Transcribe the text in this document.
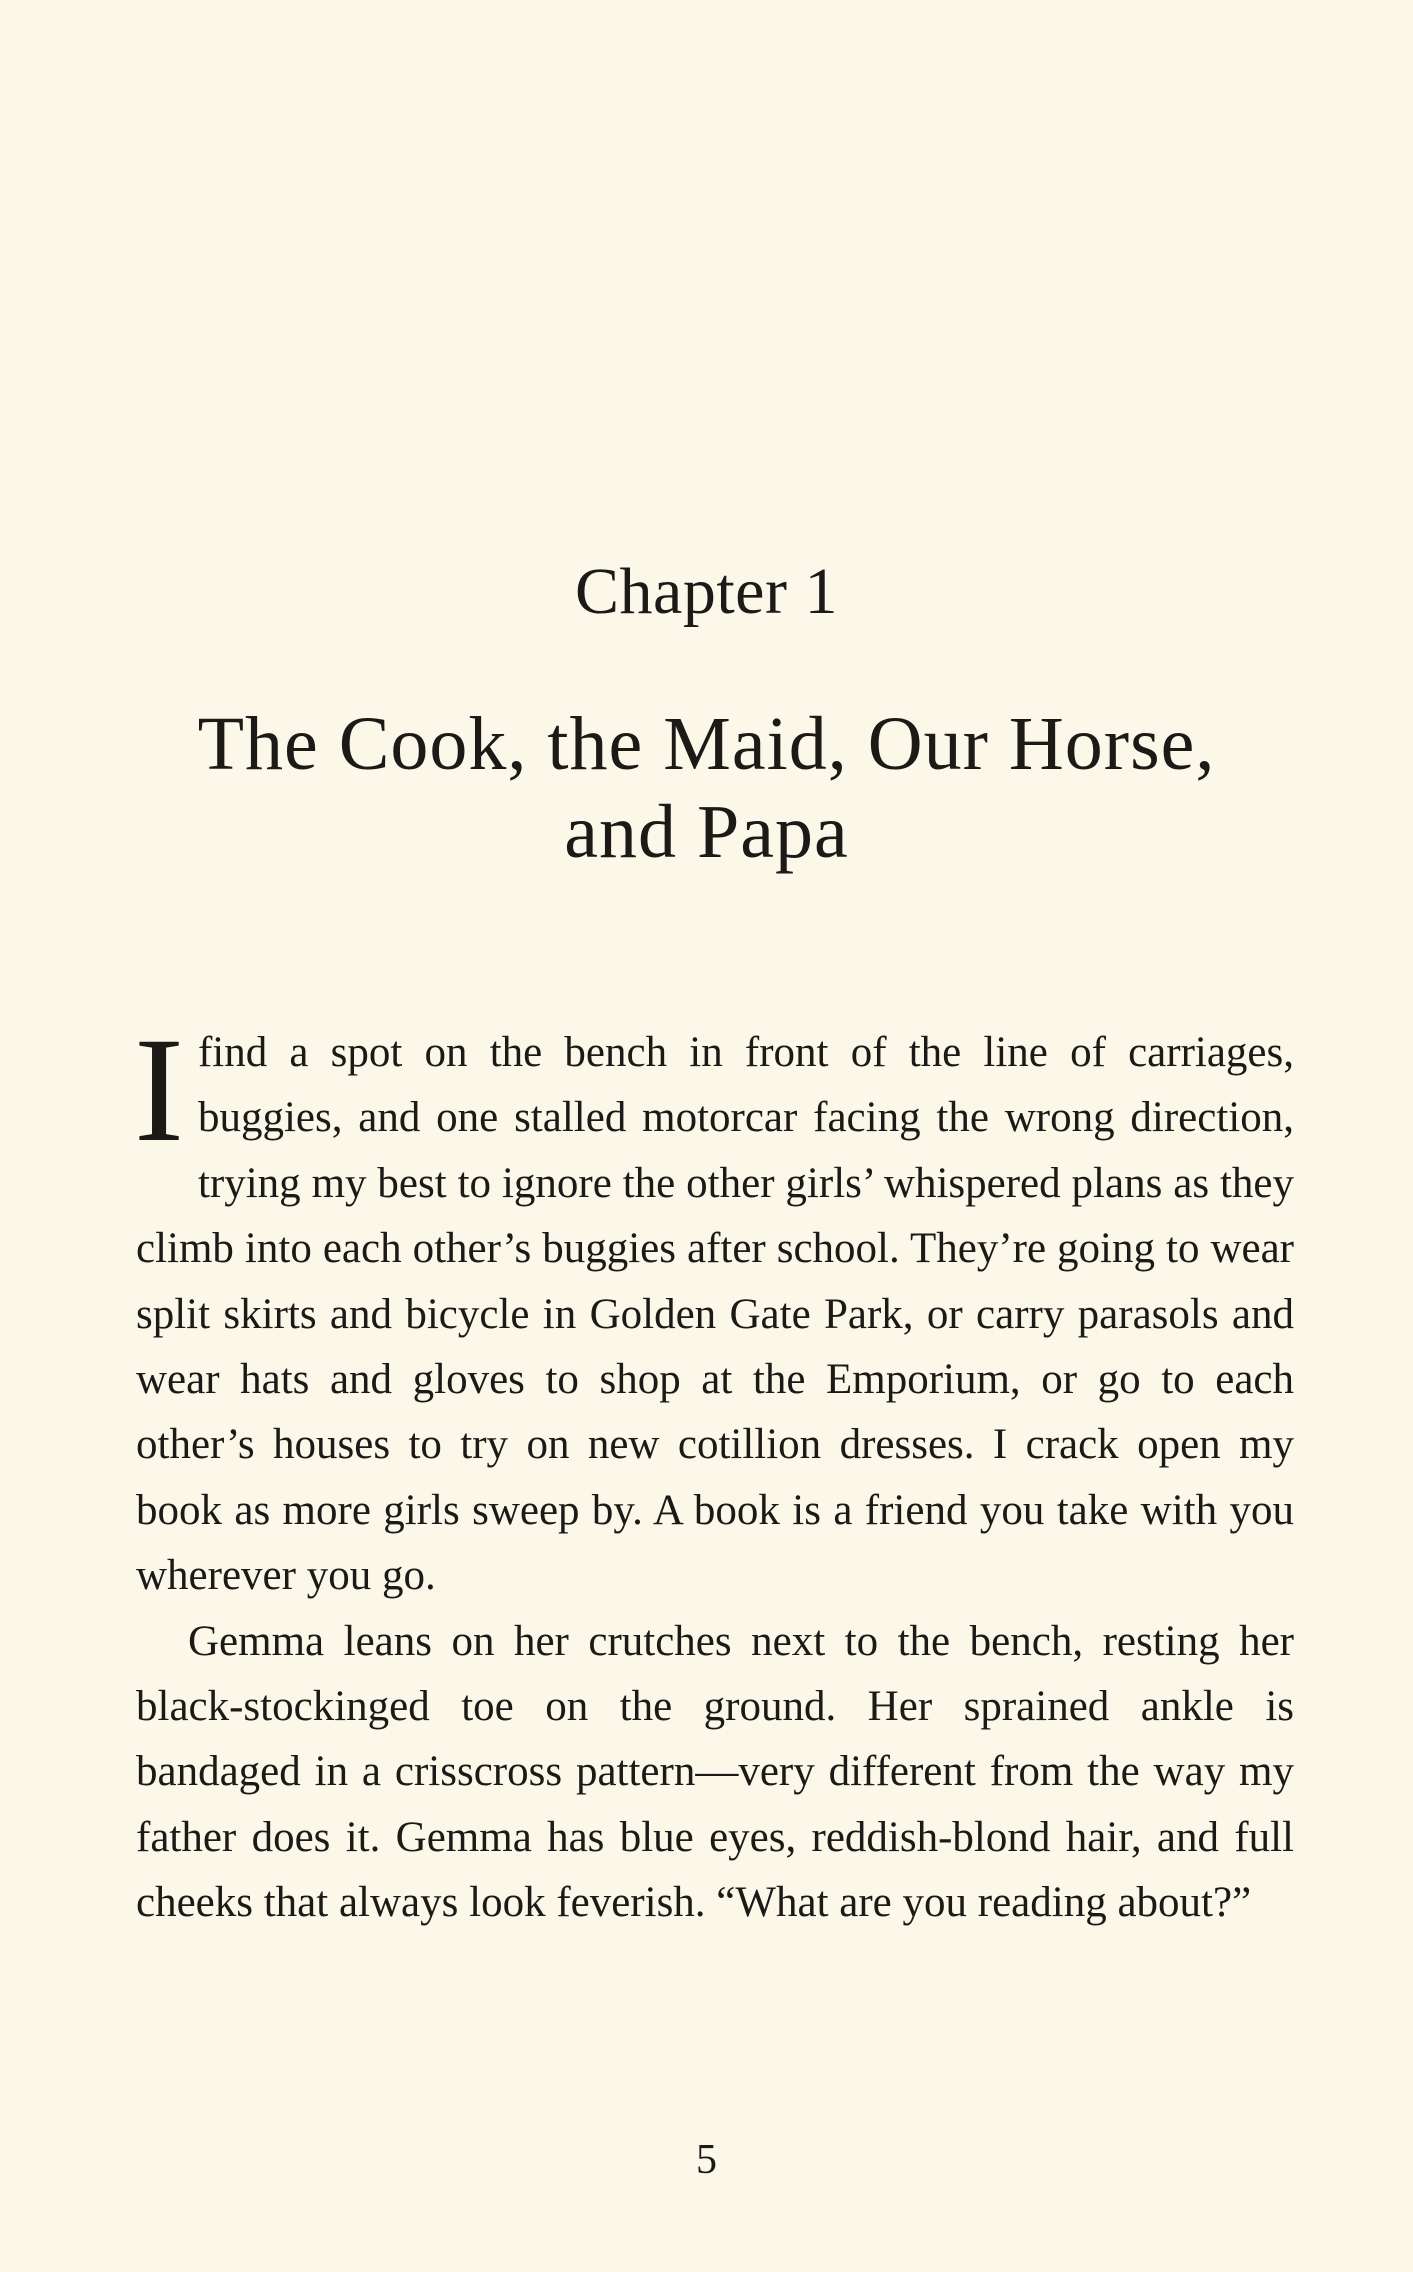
Chapter 1
The Cook, the Maid, Our Horse,
and Papa

Ifind a spot on the bench in front of the line of carriages, buggies, and one stalled motorcar facing the wrong direction, trying my best to ignore the other girls’ whispered plans as they climb into each other’s buggies after school. They’re going to wear split skirts and bicycle in Golden Gate Park, or carry parasols and wear hats and gloves to shop at the Emporium, or go to each other’s houses to try on new cotillion dresses. I crack open my book as more girls sweep by. A book is a friend you take with you wherever you go.

Gemma leans on her crutches next to the bench, resting her black-stockinged toe on the ground. Her sprained ankle is bandaged in a crisscross pattern—very different from the way my father does it. Gemma has blue eyes, reddish-blond hair, and full cheeks that always look feverish. “What are you reading about?”

5
